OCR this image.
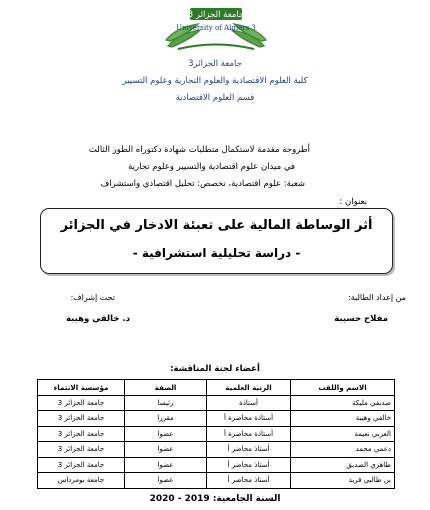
جامعة الجزائر 3
University of Algiers 3
جامعة الجزائر3
كلية العلوم الاقتصادية والعلوم التجارية وعلوم التسيير
قسم العلوم الاقتصادية
أطروحة مقدمة لاستكمال متطلبات شهادة دكتوراه الطور الثالث
في ميدان علوم اقتصادية والتسيير وعلوم تجارية
شعبة: علوم اقتصادية، تخصص: تحليل اقتصادي واستشراف
بعنوان :
أثر الوساطة المالية على تعبئة الادخار في الجزائر
- دراسة تحليلية استشرافية -
من إعداد الطالبة:
مفلاح حسيبة
تحت إشراف:
د. خالقي وهيبة
أعضاء لجنة المناقشة:
الاسم واللقب	الرتبة العلمية	الصفة	مؤسسة الانتماء
صديقي مليكة	أستاذة	رئيسا	جامعة الجزائر 3
خالقي وهيبة	أستاذة محاضرة أ	مقررا	جامعة الجزائر 3
العربي نعيمة	أستاذة محاضرة أ	عضوا	جامعة الجزائر 3
دعمي محمد	أستاذ محاضر أ	عضوا	جامعة الجزائر 3
طاهري الصديق	أستاذ محاضر أ	عضوا	جامعة الجزائر 3
بن طالبي فريد	أستاذ محاضر أ	عضوا	جامعة بومرداس
السنة الجامعية: 2019 - 2020
